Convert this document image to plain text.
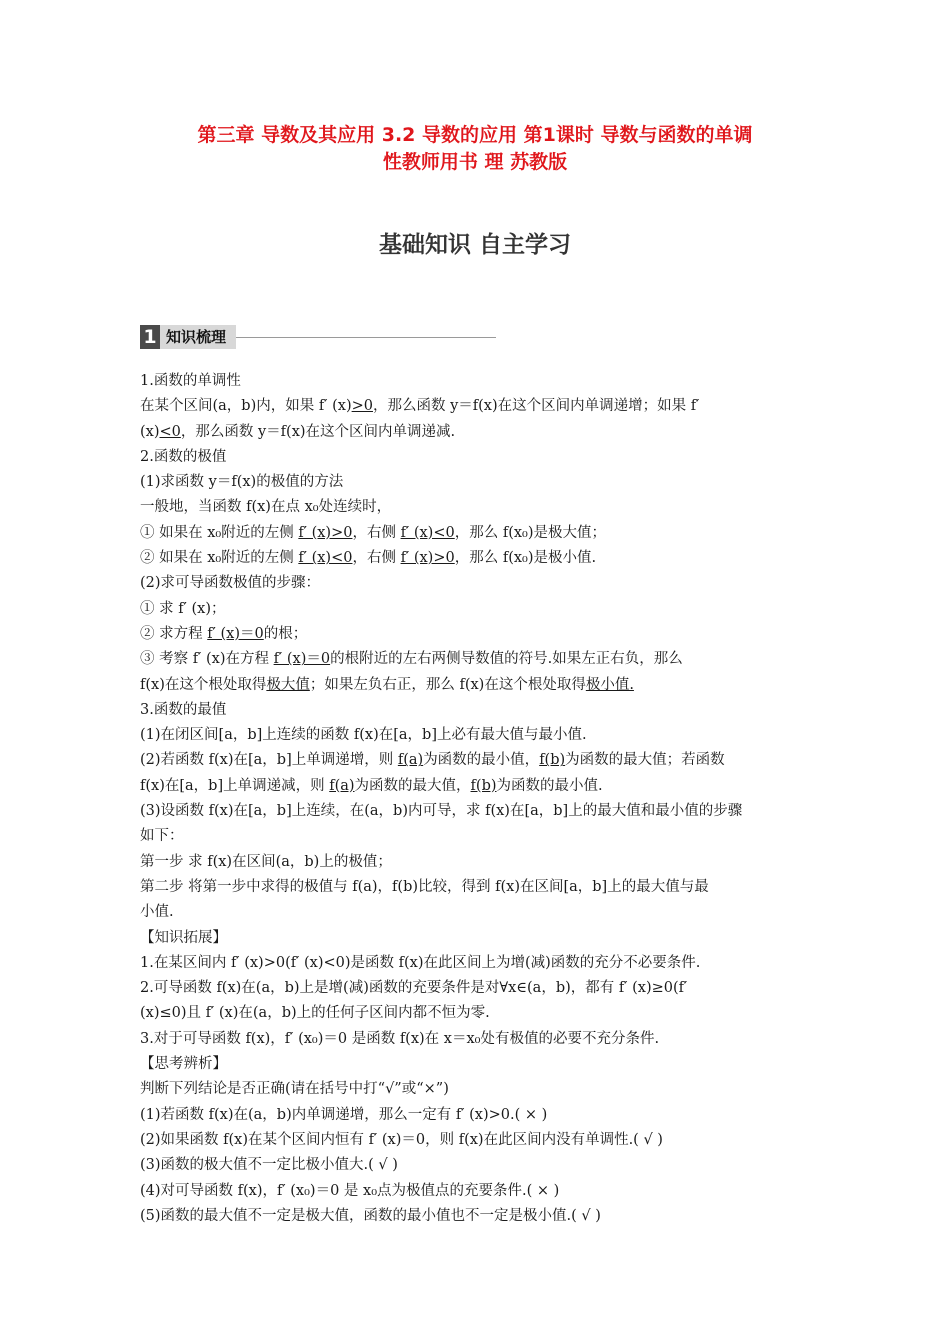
第三章 导数及其应用 3.2 导数的应用 第1课时 导数与函数的单调
性教师用书 理 苏教版
基础知识 自主学习
1 知识梳理
1.函数的单调性
在某个区间(a，b)内，如果 f′ (x)>0，那么函数 y＝f(x)在这个区间内单调递增；如果 f′
(x)<0，那么函数 y＝f(x)在这个区间内单调递减.
2.函数的极值
(1)求函数 y＝f(x)的极值的方法
一般地，当函数 f(x)在点 x₀处连续时，
① 如果在 x₀附近的左侧 f′ (x)>0，右侧 f′ (x)<0，那么 f(x₀)是极大值；
② 如果在 x₀附近的左侧 f′ (x)<0，右侧 f′ (x)>0，那么 f(x₀)是极小值.
(2)求可导函数极值的步骤：
① 求 f′ (x)；
② 求方程 f′ (x)＝0的根；
③ 考察 f′ (x)在方程 f′ (x)＝0的根附近的左右两侧导数值的符号.如果左正右负，那么
f(x)在这个根处取得极大值；如果左负右正，那么 f(x)在这个根处取得极小值.
3.函数的最值
(1)在闭区间[a，b]上连续的函数 f(x)在[a，b]上必有最大值与最小值.
(2)若函数 f(x)在[a，b]上单调递增，则 f(a)为函数的最小值，f(b)为函数的最大值；若函数
f(x)在[a，b]上单调递减，则 f(a)为函数的最大值，f(b)为函数的最小值.
(3)设函数 f(x)在[a，b]上连续，在(a，b)内可导，求 f(x)在[a，b]上的最大值和最小值的步骤
如下：
第一步 求 f(x)在区间(a，b)上的极值；
第二步 将第一步中求得的极值与 f(a)，f(b)比较，得到 f(x)在区间[a，b]上的最大值与最
小值.
【知识拓展】
1.在某区间内 f′ (x)>0(f′ (x)<0)是函数 f(x)在此区间上为增(减)函数的充分不必要条件.
2.可导函数 f(x)在(a，b)上是增(减)函数的充要条件是对∀x∈(a，b)，都有 f′ (x)≥0(f′
(x)≤0)且 f′ (x)在(a，b)上的任何子区间内都不恒为零.
3.对于可导函数 f(x)，f′ (x₀)＝0 是函数 f(x)在 x＝x₀处有极值的必要不充分条件.
【思考辨析】
判断下列结论是否正确(请在括号中打“√”或“×”)
(1)若函数 f(x)在(a，b)内单调递增，那么一定有 f′ (x)>0.( × )
(2)如果函数 f(x)在某个区间内恒有 f′ (x)＝0，则 f(x)在此区间内没有单调性.( √ )
(3)函数的极大值不一定比极小值大.( √ )
(4)对可导函数 f(x)，f′ (x₀)＝0 是 x₀点为极值点的充要条件.( × )
(5)函数的最大值不一定是极大值，函数的最小值也不一定是极小值.( √ )
